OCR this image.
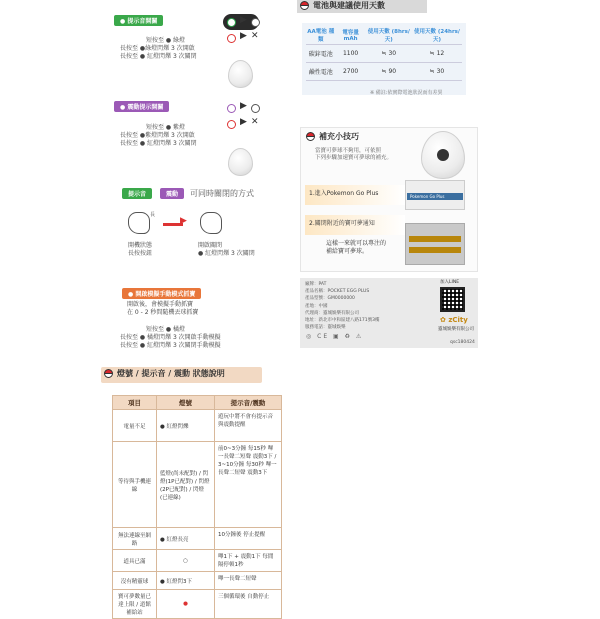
● 提示音開關
短按至 ● 綠燈
長按至 ●綠燈閃爍 3 次開啟
長按至 ● 紅燈閃爍 3 次關閉
▶
▶ ✕
● 震動提示開關
短按至 ● 紫燈
長按至 ●紫燈閃爍 3 次開啟
長按至 ● 紅燈閃爍 3 次關閉
▶
▶ ✕
提示音	震動	可同時關閉的方式
長
▶
開機狀態
長按按鈕
開啟關閉
● 紅燈閃爍 3 次關閉
● 開啟模擬手動模式抓寶
開啟後，會模擬手動抓寶
在 0 - 2 秒間隨機丟球抓寶
短按至 ● 橘燈
長按至 ● 橘燈閃爍 3 次開啟手動模擬
長按至 ● 紅燈閃爍 3 次關閉手動模擬
燈號 / 提示音 / 震動 狀態說明
項目	燈號	提示音/震動
電量不足	● 紅燈閃爍	遊玩中將不會有提示音與震動提醒
等待與手機連線	藍燈(尚未配對) / 閃燈(1P已配對) / 閃燈(2P已配對) / 閃燈(已連線)	前0~3分鐘 每15秒 嗶一長聲二短聲 震動3下 / 3~10分鐘 每30秒 嗶一長聲二短聲 震動3下
無法連線至網路	● 紅燈長亮	10分鐘後 停止提醒
道具已滿	○	嗶1下 + 震動1下 每閒隔停頓1秒
沒有精靈球	● 紅燈閃3下	嗶一長聲二短聲
寶可夢數量已達上限 / 道館補給站	●	三個循環後 自動停止
電池與建議使用天數
AA電池 種類	電容量 mAh	使用天數 (8hrs/天)	使用天數 (24hrs/天)
碳鋅電池	1100	≒ 30	≒ 12
鹼性電池	2700	≒ 90	≒ 30
※ 備註:依實際電池狀況而有差異
補充小技巧
當寶可夢球不夠用，可依照
下列步驟加速寶可夢球的補充。
1.進入Pokemon Go Plus	Pokemon Go Plus
2.關閉附近的寶可夢通知
這樣一來就可以專注的
補給寶可夢球。
廠牌：PAT
產品名稱：POCKET EGG PLUS
產品型號：GM0000000
產地：中國
代理商：靈城娛樂有限公司
地址：新北市中和區建八路171號3樓
服務電話：靈城娛樂
◎ CE ▣ ♻ ⚠
加入LINE
✿ zCity
靈城娛樂有限公司
qsc180424
